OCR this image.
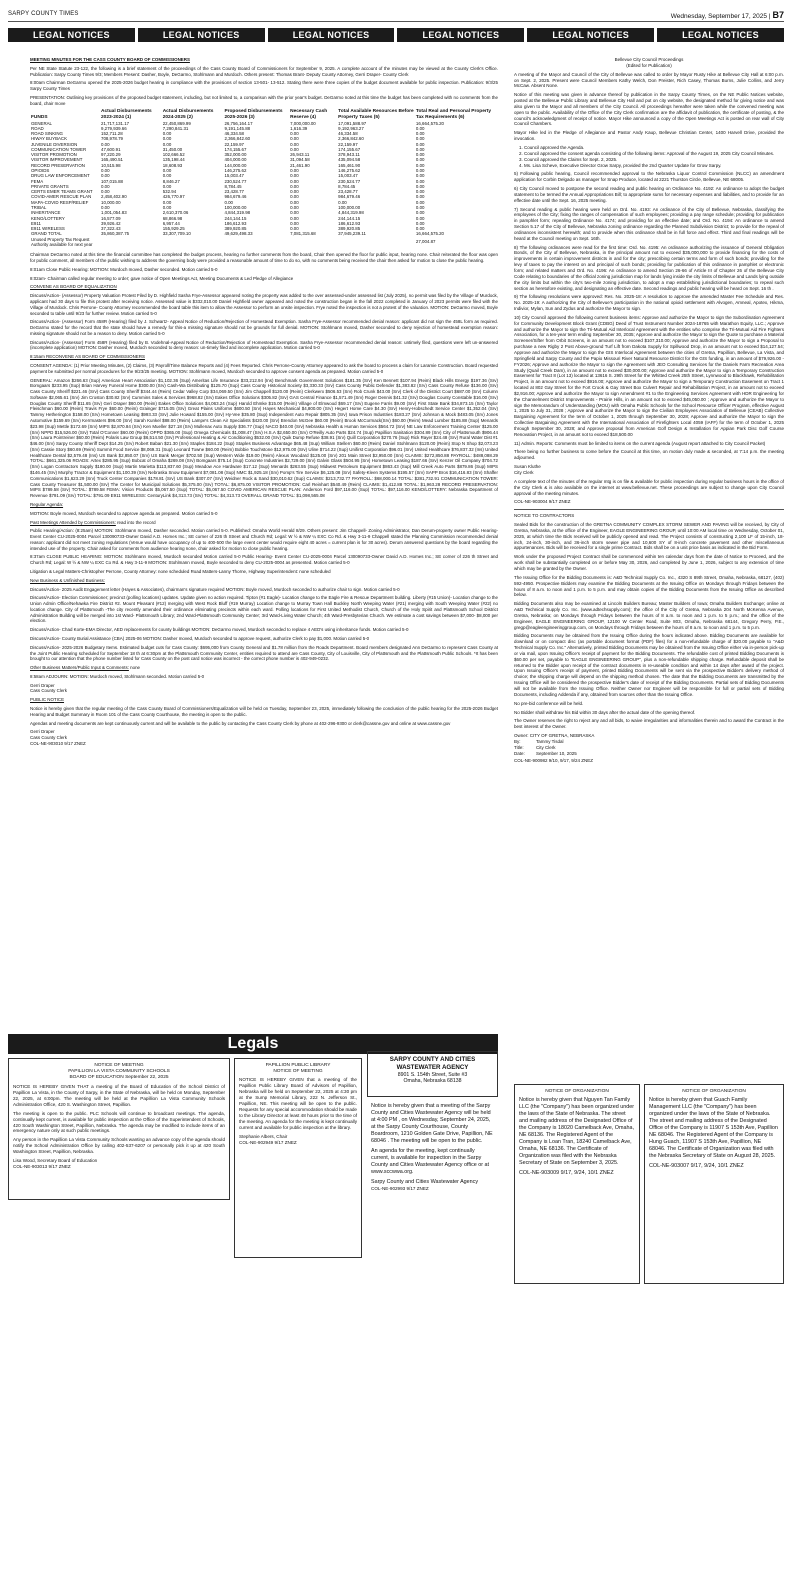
SARPY COUNTY TIMES	Wednesday, September 17, 2025 | B7
LEGAL NOTICES	LEGAL NOTICES	LEGAL NOTICES	LEGAL NOTICES	LEGAL NOTICES	LEGAL NOTICES

MEETING MINUTES FOR THE CASS COUNTY BOARD OF COMMISSIONERS

Per NE State Statute 23-122, the following is a brief statement of the proceedings of the Cass County Board of Commissioners for September 9, 2025. A complete account of the minutes may be viewed at the County Clerk's Office. Publication: Sarpy County Times 9/3; Members Present: Dasher, Boyle, DeGarmo, Stohlmann and Murdoch. Others present: Thomas Brant- Deputy County Attorney, Gerri Draper- County Clerk

8:00am Chairman DeGarmo opened the 2025-2026 budget hearing in compliance with the provisions of section 13-501- 13-512. Stating there were three copies of the budget document available for public inspection. Publication: 9/3/25 Sarpy County Times

PRESENTATION: Outlining key provisions of the proposed budget statement, including, but not limited to, a comparison with the prior year's budget. DeGarmo noted at this time the budget has been completed with no comments from the board, chair move

FUNDS	Actual Disbursements 2023-2024 (1)	Actual Disbursements 2024-2025 (2)	Proposed Disbursements 2025-2026 (3)	Necessary Cash Reserve (4)	Total Available Resources Before Property Taxes (5)	Total Real and Personal Property Tax Requirements (6)
GENERAL	21,717,131.17	22,450,869.99	26,756,164.17	7,000,000.00	17,091,588.97	16,664,575.20
ROAD	9,279,939.66	7,290,841.31	9,191,145.88	1,616.39	9,192,963.27	0.00
ROAD SINKING	152,711.28	0.00	46,334.58	0.00	46,334.58	0.00
HIWAY BUYBACK	708,978.79	0.00	2,366,842.60	0.00	2,366,842.60	0.00
JUVENILE DIVERSION	0.00	0.00	22,159.97	0.00	22,159.97	0.00
COMMUNICATION TOWER	47,600.91	31,450.00	174,155.67	0.00	174,155.67	0.00
VISITOR PROMOTION	97,220.29	102,666.52	352,000.00	26,943.11	378,943.11	0.00
VISITOR IMPROVEMENT	165,490.51	135,198.44	404,000.00	31,094.58	435,094.58	0.00
RECORD PRESERVATION	10,515.98	18,608.93	144,000.00	21,461.90	165,461.90	0.00
OPIOIDS	0.00	0.00	146,275.62	0.00	146,275.62	0.00
DRUG LAW ENFORCEMENT	0.00	0.00	15,003.47	0.00	15,003.47	0.00
FEMA	107,015.88	8,846.27	230,524.77	0.00	230,524.77	0.00
PRIVATE GRANTS	0.00	0.00	8,784.45	0.00	8,784.45	0.00
CERTS EMER TEAMS GRANT	0.00	532.94	23,428.77	0.00	23,428.77	0.00
COVID-AMER RESCUE PLAN	2,458,402.90	426,770.97	984,679.46	0.00	984,679.46	0.00
MAPA-COVID RESP/RELIEF	10,000.00	0.00	0.00	0.00	0.00	0.00
TRIBAL	0.00	0.00	100,000.00	0.00	100,000.00	0.00
INHERITANCE	1,001,054.83	2,610,370.06	4,844,319.98	0.00	4,844,319.98	0.00
KENO/LOTTERY	16,577.09	68,866.98	244,144.15	0.00	244,144.15	0.00
E911	39,926.42	6,957.44	186,612.93	0.00	186,612.93	0.00
E911 WIRELESS	37,322.43	155,929.25	389,920.85	0.00	389,920.85	0.00
GRAND TOTAL	35,860,387.75	33,307,709.10	49,629,498.33	7,081,315.68	37,945,239.11	16,664,575.20
Unused Property Tax Request Authority available for next year						27,004.87

Chairman DeGarmo noted at this time the financial committee has completed the budget process, hearing no further comments from the board, Chair then opened the floor for public input, hearing none. Chair reiterated the floor was open for public comment, all members of the public wishing to address the governing body were provided a reasonable amount of time to do so, with no comments being received the chair then asked for motion to close the public hearing.

8:01am Close Public Hearing: MOTION: Murdoch moved, Dasher seconded. Motion carried 5-0

8:02am- Chairman called regular meeting to order; gave notice of Open Meetings Act, Meeting Documents & Led Pledge of Allegiance

CONVENE AS BOARD OF EQUALIZATION

Discuss/Action- (Assessor) Property Valuation Protest Filed by D. Highfield Sasha Frye-Assessor appeared noting the property was added to the over assessed-under assessed list (July 2025), no permit was filed by the Village of Murdock, applicant had 30 days to file this protest after receiving notice. Assessed value is $332,010.00 Daniel Highfield owner appeared and noted the construction began in the fall 2022 completed in January of 2023 permits were filed with the Village of Murdock. Chris Perrone- County Attorney recommended the board table this item to allow the Assessor to perform an onsite inspection. Frye noted the inspection is not a protest of the valuation. MOTION: DeGarmo moved, Boyle seconded to table until 9/23 for further review. Motion carried 5-0

Discuss/Action- (Assessor) Form 458R (Hearing) filed by J. Schwartz- Appeal Notice of Reduction/Rejection of Homestead Exemption. Sasha Frye-Assessor recommended denial reason: applicant did not sign the 458L form as required. DeGarmo stated for the record that the state should have a remedy for this-a missing signature should not be grounds for full denial. MOTION: Stohlmann moved, Dasher seconded to deny rejection of homestead exemption reason: missing signature should not be a reason to deny. Motion carried 5-0

Discuss/Action- (Assessor) Form 458R (Hearing) filed by B. Vodehnal-Appeal Notice of Reduction/Rejection of Homestead Exemption. Sasha Frye-Assessor recommended denial reason: untimely filed, questions were left un-answered (incomplete application) MOTION: Dasher moved, Murdoch seconded to deny reason: un-timely filed and incomplete application. Motion carried 5-0

8:15am RECONVENE AS BOARD OF COMMISSIONERS

CONSENT AGENDA: (1) Prior Meeting Minutes, (2) Claims, (3) Payroll/Time Balance Reports and (4) Fees Reported. Chris Perrone-County Attorney appeared to ask the board to process a claim for Laramie Construction. Board requested payment be submitted per normal procedures for the 9/23/25 meeting. MOTION: Stohlmann moved, Murdoch seconded to approve consent agenda as prepared. Motion carried 5-0

GENERAL: Amazon $266.63 (Sup) American Heart Association $1,102.36 (Sup) Ameritas Life Insurance $33,212.94 (Ins) Benchmark Government Solutions $181.35 (Srv) Ken Bennett $107.94 (Reim) Black Hills Energy $197.36 (Srv) Bomgaars $233.95 (Sup) Brian Harvey Funeral Home $300.00 (Srv) Cash-Wa Distributing $125.70 (Sup) Cass County Historical Society $3,330.33 (Srv) Cass County Public Defender $1,383.82 (Srv) Cass County Refuse $136.00 (Srv) Cass County Sheriff $221.46 (Srv) Cass County Sheriff $344.44 (Reim) Cedar Valley Corp $34,069.50 (Srv) Jim Chappell $120.00 (Reim) Clerkwerx $506.53 (Srv) Rob Crunk $43.00 (Srv) Clerk of the District Court $687.00 (Srv) Column Software $2,065.61 (Srv) Jim Croston $30.82 (Srv) Cummins Sales & Services $968.82 (Srv) Eakes Office Solutions $305.82 (Srv) GAS Central Finance $1,571.49 (Srv) Roger Dennis $41.32 (Srv) Douglas County Constable $16.00 (Srv) Douglas County Sheriff $11.65 (Srv) Geri Draper $60.00 (Reim) Eakes Office Solutions $4,063.24 (Sup) Harold Ehmke $15.00 (Reim) Village of Elmwood $69.17 (Srv) Eugene Farris $9.00 (Srv) First State Bank $34,873.15 (Srv) Taylor Fleischman $60.00 (Reim) Travis Frye $60.00 (Reim) Grainger $715.05 (Srv) Great Plains Uniforms $600.50 (Srv) Hayes Mechanical $4,800.00 (Srv) Hegert Home Care $4.30 (Srv) Henry-Hobschedt Service Center $1,352.04 (Srv) Tammy Hetherington $158.00 (Srv) Hometown Leasing $993.33 (Srv) Julie Howard $155.00 (Srv) Hy-Vee $35.80 (Sup) Independent Auto Repair $805.35 (Srv) Iowa Prison Industries $183.27 (Srv) Johnson & Mock $483.05 (Srv) Jones Automotive $159.69 (Srv) Kerrmasters $96.00 (Srv) Sarah Kunkel $88.00 (Reim) Lampe's Clean Air Specialists $420.00 (Srv) Brendon McGee $60.00 (Reim) Brook McCormack(Srv) $60.00 (Reim) Mead Lumber $185.88 (Sup) Menards $23.98 (Sup) Mettle $172.69 (Srv) MIPS $2,870.84 (Srv) Ken Mueller $27.18 (Srv) Mullenax Auto Supply $36.77 (Sup) NACO $40.00 (Srv) Nebraska Health & Human Services $564.72 (Srv) NE Law Enforcement Training Center $125.00 (Srv) NPPD $15,526.00 (Srv) Total O'Conner $60.00 (Reim) OPPD $365.00 (Sup) Omega Chemicals $1,008.47 (Srv) H.S.A $2,650.00 (Srv) O'Reilly Auto Parts $24.74 (Sup) Papillion Sanitation $304.89 (Srv) City of Plattsmouth $906.44 (Srv) Laura Pointreiner $60.00 (Reim) Polaris Law Group $6,514.50 (Srv) Professional Heating & Air Conditioning $532.00 (Srv) Quik Dump Refuse $38.91 (Srv) Quill Corporation $270.76 (Sup) Rick Rayer $24.48 (Srv) Rural Water Dist #1 $46.00 (Srv) Sarpy County Sheriff Dept $14.25 (Srv) Robert Baban $21.30 (Srv) Staples $184.22 (Sup) Staples Business Advantage $65.48 (Sup) William Stellern $60.00 (Reim) Daniel Stohlmann $120.00 (Reim) Stop N Shop $2,073.23 (Srv) Cassie Story $60.69 (Reim) Summit Food Service $8,069.31 (Sup) Leonard Towne $60.00 (Reim) Bobbie Touchstone $12,975.00 (Srv) Uline $714.22 (Sup) Unifirst Corporation $96.01 (Srv) United Healthcare $76,837.32 (Ins) United Healthcare Dental $2,579.48 (Ins) US Bank $2,850.07 (Srv) US Bank Merger $702.50 (Sup) Western Wide $19.00 (Reim) Alexus Woodard $125.00 (Srv) 201 Main Street $2,950.00 (Srv) CLAIMS: $272,850.88 PAYROLL: $488,088.29 TOTAL: $661,325.06 ROADS: Artex $285.95 (Sup) Bobcat of Omaha $269.08 (Srv) Bomgaars $75.14 (Sup) Concrete Industries $2,729.00 (Srv) Galvin Glass $504.95 (Srv) Hometown Leasing $187.66 (Srv) Kenzer Oil Company $704.72 (Srv) Logan Contractors Supply $180.00 (Sup) Martin Marietta $113,837.60 (Sup) Meadow Ace Hardware $17.12 (Sup) Menards $263.55 (Sup) Midwest Petroleum Equipment $863.43 (Sup) Mill Creek Auto Parts $879.86 (Sup) MIPS $146.45 (Srv) Murphy Tractor & Equipment $1,100.39 (Srv) Nebraska Snow Equipment $7,081.08 (Sup) NMC $1,925.18 (Srv) Pomp's Tire Service $6,125.08 (Srv) Safety-Kleen Systems $195.57 (Srv) SAPP Bros $16,416.83 (Srv) Shaffer Communications $1,623.29 (Srv) Truck Center Companies $178.81 (Srv) US Bank $307.07 (Srv) Weidner Rock & Sand $30,010.62 (Sup) CLAIMS: $213,732.77 PAYROLL: $68,000.14 TOTAL: $281,732.91 COMMUNICATION TOWER: Cass County Treasurer $1,500.00 (Srv) The Center for Municipal Solutions $5,375.00 (Srv) TOTAL: $6,875.00 VISITOR PROMOTION: Carl Reinhart $540.49 (Reim) CLAIMS: $1,412.88 TOTAL: $1,963.28 RECORD PRESERVATION: MIPS $789.58 (Srv) TOTAL: $789.58 FEMA: Vision Products $5,067.50 (Sup) TOTAL: $5,067.50 COVID AMERICAN RESCUE PLAN: Anderson Ford $97,116.00 (Sup) TOTAL: $97,116.00 KENO/LOTTERY: Nebraska Department of Revenue $791.09 (Srv) TOTAL: $791.09 E911 WIRELESS: CenturyLink $4,313.73 (Srv) TOTAL: $4,313.73 OVERALL GRAND TOTAL: $1,098,565.08

Regular Agenda:

MOTION: Boyle moved, Murdoch seconded to approve agenda as prepared. Motion carried 5-0

Past Meetings Attended by Commissioners: read into the record

Public Hearing/Action: (8:25am) MOTION: Stohlmann moved, Dasher seconded. Motion carried 5-0. Published: Omaha World Herald 8/29. Others present: Jim Chappell- Zoning Administrator, Dan Derum-property owner Public Hearing- Event Center CU-2025-0004 Parcel 130090733-Owner David A.D. Homes Inc.; SE corner of 226 th Street and Church Rd; Legal: W ½ & NW ¼ EXC Co Rd. & Hwy 3-11-9 Chappell stated the Planning Commission recommended denial reason: applicant did not meet zoning regulations (Venue would have occupancy of up to 400-500 the large event center would require eight 40 acres = current plan is for 30 acres). Derum answered questions by the board regarding the intended use of the property. Chair asked for comments from audience hearing none, chair asked for motion to close public hearing.

8:37am CLOSE PUBLIC HEARING: MOTION: Stohlmann moved, Murdoch seconded Motion carried 5-0 Public Hearing- Event Center CU-2025-0004 Parcel 130090733-Owner David A.D. Homes Inc.; SE corner of 226 th Street and Church Rd; Legal: W ½ & NW ¼ EXC Co Rd. & Hwy 3-11-9 MOTION: Stohlmann moved, Boyle seconded to deny CU-2025-0004 as presented. Motion carried 5-0

Litigation & Legal Matters-Christopher Perrone, County Attorney: none scheduled Road Matters-Lanny Thorne, Highway Superintendent: none scheduled

New Business & Unfinished Business:

Discuss/Action- 2025 Audit Engagement letter (Hayes & Associates), chairman's signature required MOTION: Boyle moved, Murdoch seconded to authorize chair to sign. Motion carried 5-0

Discuss/Action- Election Commissioner; precinct (polling locations) updates. Update given no action required. Tipton (#1 Eagle)- Location change to the Eagle Fire & Rescue Department building. Liberty (#15 Union)- Location change to the Union Admin Office/Nehawka Fire District #2. Mount Pleasant (#12) merging with West Rock Bluff (#19 Murray) Location change to Murray Town Hall Buckley North Weeping Water (#21) merging with South Weeping Water (#22) no location change. City of Plattsmouth -The city recently amended their ordinance eliminating precincts within each ward. Polling locations for First United Methodist Church, Church of the Holy Spirit and Plattsmouth School District Administration Building will be merged into 1st Ward- Plattsmouth Library; 2nd Ward-Plattsmouth Community Center; 3rd Ward-Living Water Church; 4th Ward-Presbyterian Church. We estimate a cost savings between $7,000- $8,000 per election.

Discuss/Action- Chad Korte-EMA Director, AED replacements for county buildings MOTION: DeGarmo moved, Murdoch seconded to replace 4 AED's using inheritance funds. Motion carried 5-0

Discuss/Action- County Burial Assistance (CBA) 2025-06 MOTION: Dasher moved, Murdoch seconded to approve request, authorize Clerk to pay $1,000. Motion carried 5-0

Discuss/Action- 2025-2026 Budgetary Items. Estimated budget cuts for Cass County: $695,000 from County General and $1.78 million from the Roads Department. Board members designated Ann DeGarmo to represent Cass County at the Joint Public Hearing scheduled for September 18 th at 6:30pm at the Plattsmouth Community Center, entities required to attend are Cass County, City of Louisville, City of Plattsmouth and the Plattsmouth Public Schools. *It has been brought to our attention that the phone number listed for Cass County on the post card notice was incorrect - the correct phone number is 402-949-0232.

Other Business Matters/Public Input & Comments: none

8:58am ADJOURN: MOTION: Murdoch moved, Stohlmann seconded. Motion carried 5-0

Gerri Draper
Cass County Clerk

PUBLIC NOTICE

Notice is hereby given that the regular meeting of the Cass County Board of Commissioners/Equalization will be held on Tuesday, September 23, 2025, immediately following the conclusion of the public hearing for the 2025-2026 Budget Hearing and Budget Summary in Room 101 of the Cass County Courthouse, the meeting is open to the public.

Agendas and meeting documents are kept continuously current and will be available to the public by contacting the Cass County Clerk by phone at 402-296-9300 or clerk@cassne.gov and online at www.cassne.gov

Gerri Draper
Cass County Clerk
COL-NE-903010 9/17 ZNEZ

Bellevue City Council Proceedings

(Edited for Publication)

A meeting of the Mayor and Council of the City of Bellevue was called to order by Mayor Rusty Hike at Bellevue City Hall at 6:00 p.m. on Sept. 2, 2025. Present were Council Members Kathy Welch, Don Preister, Rich Casey, Thomas Burns, Julie Collins, and Jerry McCaw. Absent None.

Notice of this meeting was given in advance thereof by publication in the Sarpy County Times, on the NE Public Notices website, posted at the Bellevue Public Library and Bellevue City Hall and put on city website, the designated method for giving notice and was also given to the Mayor and all members of the City Council. All proceedings hereafter were taken while the convened meeting was open to the public. Availability of the Office of the City Clerk confirmation are the affidavit of publication, the certificate of posting, & the council's acknowledgment of receipt of notice. Mayor Hike announced a copy of the Open Meetings Act is posted on rear wall of City Council Chambers.

Mayor Hike led in the Pledge of Allegiance and Pastor Andy Kaup, Bellevue Christian Center, 1400 Harvell Drive, provided the invocation.

1. Council approved the Agenda.
2. Council approved the consent agenda consisting of the following items: Approval of the August 19, 2025 City Council Minutes.
3. Council approved the Claims for Sept. 2, 2025.
4. Ms. Lisa Scheve, Executive Director Grow Sarpy, provided the 2nd Quarter Update for Grow Sarpy.

5) Following public hearing, Council recommended approval to the Nebraska Liquor Control Commission (NLCC) an amendment application for Corbin Delgado as manager for Snap Produce, located at 2221 Thurston Circle, Bellevue, NE 68005.

6) City Council moved to postpone the second reading and public hearing on Ordinance No. 4192: An ordinance to adopt the budget statement to be termed the Annual Appropriations Bill; to appropriate sums for necessary expenses and liabilities, and to provide for an effective date until the Sept. 16, 2025 meeting.

7) Second reading & public hearing were held on Ord. No. 4193: An ordinance of the City of Bellevue, Nebraska, classifying the employees of the City; fixing the ranges of compensation of such employees; providing a pay range schedule; providing for publication in pamphlet form; repealing Ordinance No. 4174; and providing for an effective date; and Ord. No. 4194: An ordinance to amend Section 5.17 of the City of Bellevue, Nebraska zoning ordinance regarding the Planned Subdivision District; to provide for the repeal of ordinances inconsistent herewith; and to provide when this ordinance shall be in full force and effect. Third and final readings will be heard at the Council meeting on Sept. 16th.

8) The following ordinances were read for the first time: Ord. No. 4195: An ordinance authorizing the issuance of General Obligation Bonds, of the City of Bellevue, Nebraska, in the principal amount not to exceed $35,000,000 to provide financing for the costs of improvements in certain improvement districts in and for the city; prescribing certain terms and form of such bonds; providing for the levy of taxes to pay the interest on and principal of such bonds; providing for publication of this ordinance in pamphlet or electronic form; and related matters and Ord. No. 4196: An ordinance to amend Section 26-66 of Article III of Chapter 26 of the Bellevue City Code relating to boundaries of the official zoning jurisdiction map for lands lying inside the city limits of Bellevue and Lands lying outside the city limits but within the city's two-mile zoning jurisdiction, to adopt a map establishing jurisdictional boundaries; to repeal such section as heretofore existing, and designating an effective date. Second readings and public hearing will be heard on Sept. 16 th .

9) The following resolutions were approved: Res. No. 2025-18: A resolution to approve the amended Master Fee Schedule and Res. No. 2025-19: A authorizing the City of Bellevue's participation in the national opioid settlement with Alvogen, Amneal, Apotex, Hikma, Indivior, Mylan, Sun and Zydus and authorize the Mayor to sign.

10) City Council approved the following current business items: Approve and authorize the Mayor to sign the Subordination Agreement for Community Development Block Grant (CDBG) Deed of Trust Instrument Number 2024-18765 with Marathon Equity, LLC.; Approve and authorize the Mayor to sign the Tri-Mutual Aid Interlocal Agreement with the entities who comprise the Tri-Mutual Aid Fire Fighters Association, for a ten-year term ending September 30, 2035; Approve and authorize the Mayor to sign the Quote to purchase a Material Screener/Sifter from Orbit Screens, in an amount not to exceed $107,310.00; Approve and authorize the Mayor to sign a Proposal to purchase a new Rigby 2 Post Above-ground Turf Lift from Dakota Supply for Spillwood Drop, in an amount not to exceed $14,127.54; Approve and authorize the Mayor to sign the GIS Interlocal Agreement between the cities of Gretna, Papillion, Bellevue, La Vista, and Springfield and Sarpy County and the Papio Missouri River Natural Resource District for the GIS funding, in an amount of $79,926.00 - FY2026; Approve and authorize the Mayor to sign the Agreement with JEO Consulting Services for the Daniels Farm Recreation Area Study (Quail Creek Dam), in an amount not to exceed $30,000.00; Approve and authorize the Mayor to sign a Temporary Construction Easement for Tract 8 (Lot 13) located at 13616 S. 29th Street for the Whitted Creek 25th Street, Lynnwood to Blackhawk, Rehabilitation Project, in an amount not to exceed $916.00; Approve and authorize the Mayor to sign a Temporary Construction Easement on Tract 1 located at 802 Gay Street for the Fort Crook & Gay Street Box Culvert Repair and Rehabilitation Project, in an amount not to exceed $2,916.00; Approve and authorize the Mayor to sign Amendment #1 to the Engineering Services Agreement with HDR Engineering for the Channelment District Improvements - Prairie Hills, in an amount not to exceed $45,050.00 ; Approve and authorize the Mayor to sign the Memorandum of Understanding (MOU) with Omaha Public Schools for the School Resource Officer Program, effective August 1, 2025 to July 31, 2028 ; Approve and authorize the Mayor to sign the Civilian Employees Association of Bellevue (CEAB) Collective Bargaining Agreement for the term of October 1, 2025 through September 30, 2028; Approve and authorize the Mayor to sign the Collective Bargaining Agreement with the International Association of Firefighters Local 4059 (IAFF) for the term of October 1, 2025 through September 30, 2028; and Approve proposal from American Golf Design & Installation for Appian Park Disc Golf Course Renovation Project, in an amount not to exceed $18,500.00

11) Admin. Reports: Comments must be limited to items on the current agenda (August report attached to City Council Packet)

There being no further business to come before the Council at this time, on motion duly made & seconded, at 7:14 p.m. the meeting adjourned.

Susan Kluthe
City Clerk

A complete text of the minutes of the regular mtg is on file & available for public inspection during regular business hours in the office of the City Clerk & is also available on the internet at www.bellevue.net. These proceedings are subject to change upon City Council approval of the meeting minutes.

COL-NE-903004 9/17 ZNEZ

NOTICE TO CONTRACTORS

Sealed Bids for the construction of the GRETNA COMMUNITY COMPLEX STORM SEWER AND PAVING will be received, by City of Gretna, Nebraska, at the office of the Engineer, EAGLE ENGINEERING GROUP, until 10:00 AM local time on Wednesday, October 01, 2025, at which time the Bids received will be publicly opened and read. The Project consists of constructing 2,100 LF of 15-inch, 18-inch, 24-inch, 30-inch, and 36-inch storm sewer pipe and 10,600 SY of 8-inch concrete pavement and other miscellaneous appurtenances. Bids will be received for a single prime Contract. Bids shall be on a unit price basis as indicated in the Bid Form.

Work under the proposed Project Contract shall be commenced within ten calendar days from the date of Notice to Proceed, and the work shall be substantially completed on or before May 30, 2026, and completed by June 1, 2026, subject to any extension of time which may be granted by the Owner.

The Issuing Office for the Bidding Documents is: A&D Technical Supply Co. Inc., 4320 S 89th Street, Omaha, Nebraska, 68127, (402) 592-4950. Prospective Bidders may examine the Bidding Documents at the Issuing Office on Mondays through Fridays between the hours of 8 a.m. to noon and 1 p.m. to 5 p.m. and may obtain copies of the Bidding Documents from the Issuing Office as described below.

Bidding Documents also may be examined at Lincoln Builders Bureau; Master Builders of Iowa; Omaha Builders Exchange; online at A&D Technical Supply Co. Inc. (www.adtechsupply.com); the office of the City of Gretna, Nebraska 204 North McKenna Avenue, Gretna, Nebraska; on Mondays through Fridays between the hours of 8 a.m. to noon and 1 p.m. to 5 p.m.; and the office of the Engineer, EAGLE ENGINEERING GROUP, 12100 W Center Road, Suite 803, Omaha, Nebraska 68144, Gregory Perry, P.E., gregp@eagleengineeringgroup.com, on Mondays through Fridays between the hours of 8 a.m. to noon and 1 p.m. to 5 p.m.

Bidding Documents may be obtained from the Issuing Office during the hours indicated above. Bidding Documents are available for download or on compact disc (as portable document format (PDF) files) for a non-refundable charge of $20.00 payable to "A&D Technical Supply Co. Inc." Alternatively, printed Bidding Documents may be obtained from the Issuing Office either via in-person pick-up or via mail, upon Issuing Office's receipt of payment for the Bidding Documents. The refundable cost of printed Bidding Documents is $60.00 per set, payable to "EAGLE ENGINEERING GROUP", plus a non-refundable shipping charge. Refundable deposit shall be returned to the Bidder upon receipt of the contract documents in re-useable condition and within 14 days after award of the project. Upon Issuing Office's receipt of payment, printed Bidding Documents will be sent via the prospective Bidder's delivery method of choice; the shipping charge will depend on the shipping method chosen. The date that the Bidding Documents are transmitted by the Issuing Office will be considered the prospective Bidder's date of receipt of the Bidding Documents. Partial sets of Bidding Documents will not be available from the Issuing Office. Neither Owner nor Engineer will be responsible for full or partial sets of Bidding Documents, including Addenda if any, obtained from sources other than the Issuing Office.

No pre-bid conference will be held.

No Bidder shall withdraw his Bid within 30 days after the actual date of the opening thereof.

The Owner reserves the right to reject any and all bids, to waive irregularities and informalities therein and to award the Contract in the best interest of the Owner.

Owner: CITY OF GRETNA, NEBRASKA
By:	Tammy Tisdal
Title:	City Clerk
Date: September 10, 2025
COL-NE-900982 9/10, 9/17, 9/24 ZNEZ
Legals
NOTICE OF MEETING
PAPILLION LA VISTA COMMUNITY SCHOOLS
BOARD OF EDUCATION September 22, 2025

NOTICE IS HEREBY GIVEN THAT a meeting of the Board of Education of the School District of Papillion La Vista, in the County of Sarpy, in the State of Nebraska, will be held on Monday, September 22, 2025, at 6:00pm. The meeting will be held at the Papillion La Vista Community Schools Administration Office, 420 S. Washington Street, Papillion.

The meeting is open to the public. PLC Schools will continue to broadcast meetings. The agenda, continually kept current, is available for public inspection at the Office of the Superintendent of Schools, 420 South Washington Street, Papillion, Nebraska. The agenda may be modified to include items of an emergency nature only at such public meetings.

Any person in the Papillion La Vista Community Schools wanting an advance copy of the agenda should notify the School Administration Office by calling 402-537-6207 or personally pick it up at 420 South Washington Street, Papillion, Nebraska.

Lisa Wood, Secretary Board of Education
COL-NE-903013 9/17 ZNEZ
PAPILLION PUBLIC LIBRARY
NOTICE OF MEETING

NOTICE IS HEREBY GIVEN that a meeting of the Papillion Public Library Board of Advisors of Papillion, Nebraska will be held on September 22, 2025 at 4:30 pm at the Sump Memorial Library, 222 N. Jefferson St., Papillion, NE. This meeting will be open to the public. Requests for any special accommodation should be made to the Library Director at least 48 hours prior to the time of the meeting. An agenda for the meeting is kept continually current and available for public inspection at the library.

Stephanie Albers, Chair
COL-NE-902949 9/17 ZNEZ
SARPY COUNTY AND CITIES
WASTEWATER AGENCY
8901 S. 154th Street, Suite #3
Omaha, Nebraska 68138

Notice is hereby given that a meeting of the Sarpy County and Cities Wastewater Agency will be held at 4:00 PM , on Wednesday, September 24, 2025, at the Sarpy County Courthouse, County Boardroom, 1210 Golden Gate Drive, Papillion, NE 68046 . The meeting will be open to the public.

An agenda for the meeting, kept continually current, is available for inspection in the Sarpy County and Cities Wastewater Agency office or at www.sccwwa.org.

Sarpy County and Cities Wastewater Agency
COL-NE-902993 9/17 ZNEZ
NOTICE OF ORGANIZATION

Notice is hereby given that Nguyen Tan Family LLC (the "Company") has been organized under the laws of the State of Nebraska. The street and mailing address of the Designated Office of the Company is 18020 Camelback Ave, Omaha, NE 68136. The Registered Agent of the Company is Loan Tran, 18240 Camelback Ave, Omaha, NE 68136. The Certificate of Organization was filed with the Nebraska Secretary of State on September 3, 2025.

COL-NE-903009 9/17, 9/24, 10/1 ZNEZ
NOTICE OF ORGANIZATION

Notice is hereby given that Guach Family Management LLC (the "Company") has been organized under the laws of the State of Nebraska. The street and mailing address of the Designated Office of the Company is 11907 S 153th Ave, Papillion NE 68046. The Registered Agent of the Company is Hung Guach, 11907 S 153th Ave, Papillion, NE 68046. The Certificate of Organization was filed with the Nebraska Secretary of State on August 28, 2025.

COL-NE-903007 9/17, 9/24, 10/1 ZNEZ
